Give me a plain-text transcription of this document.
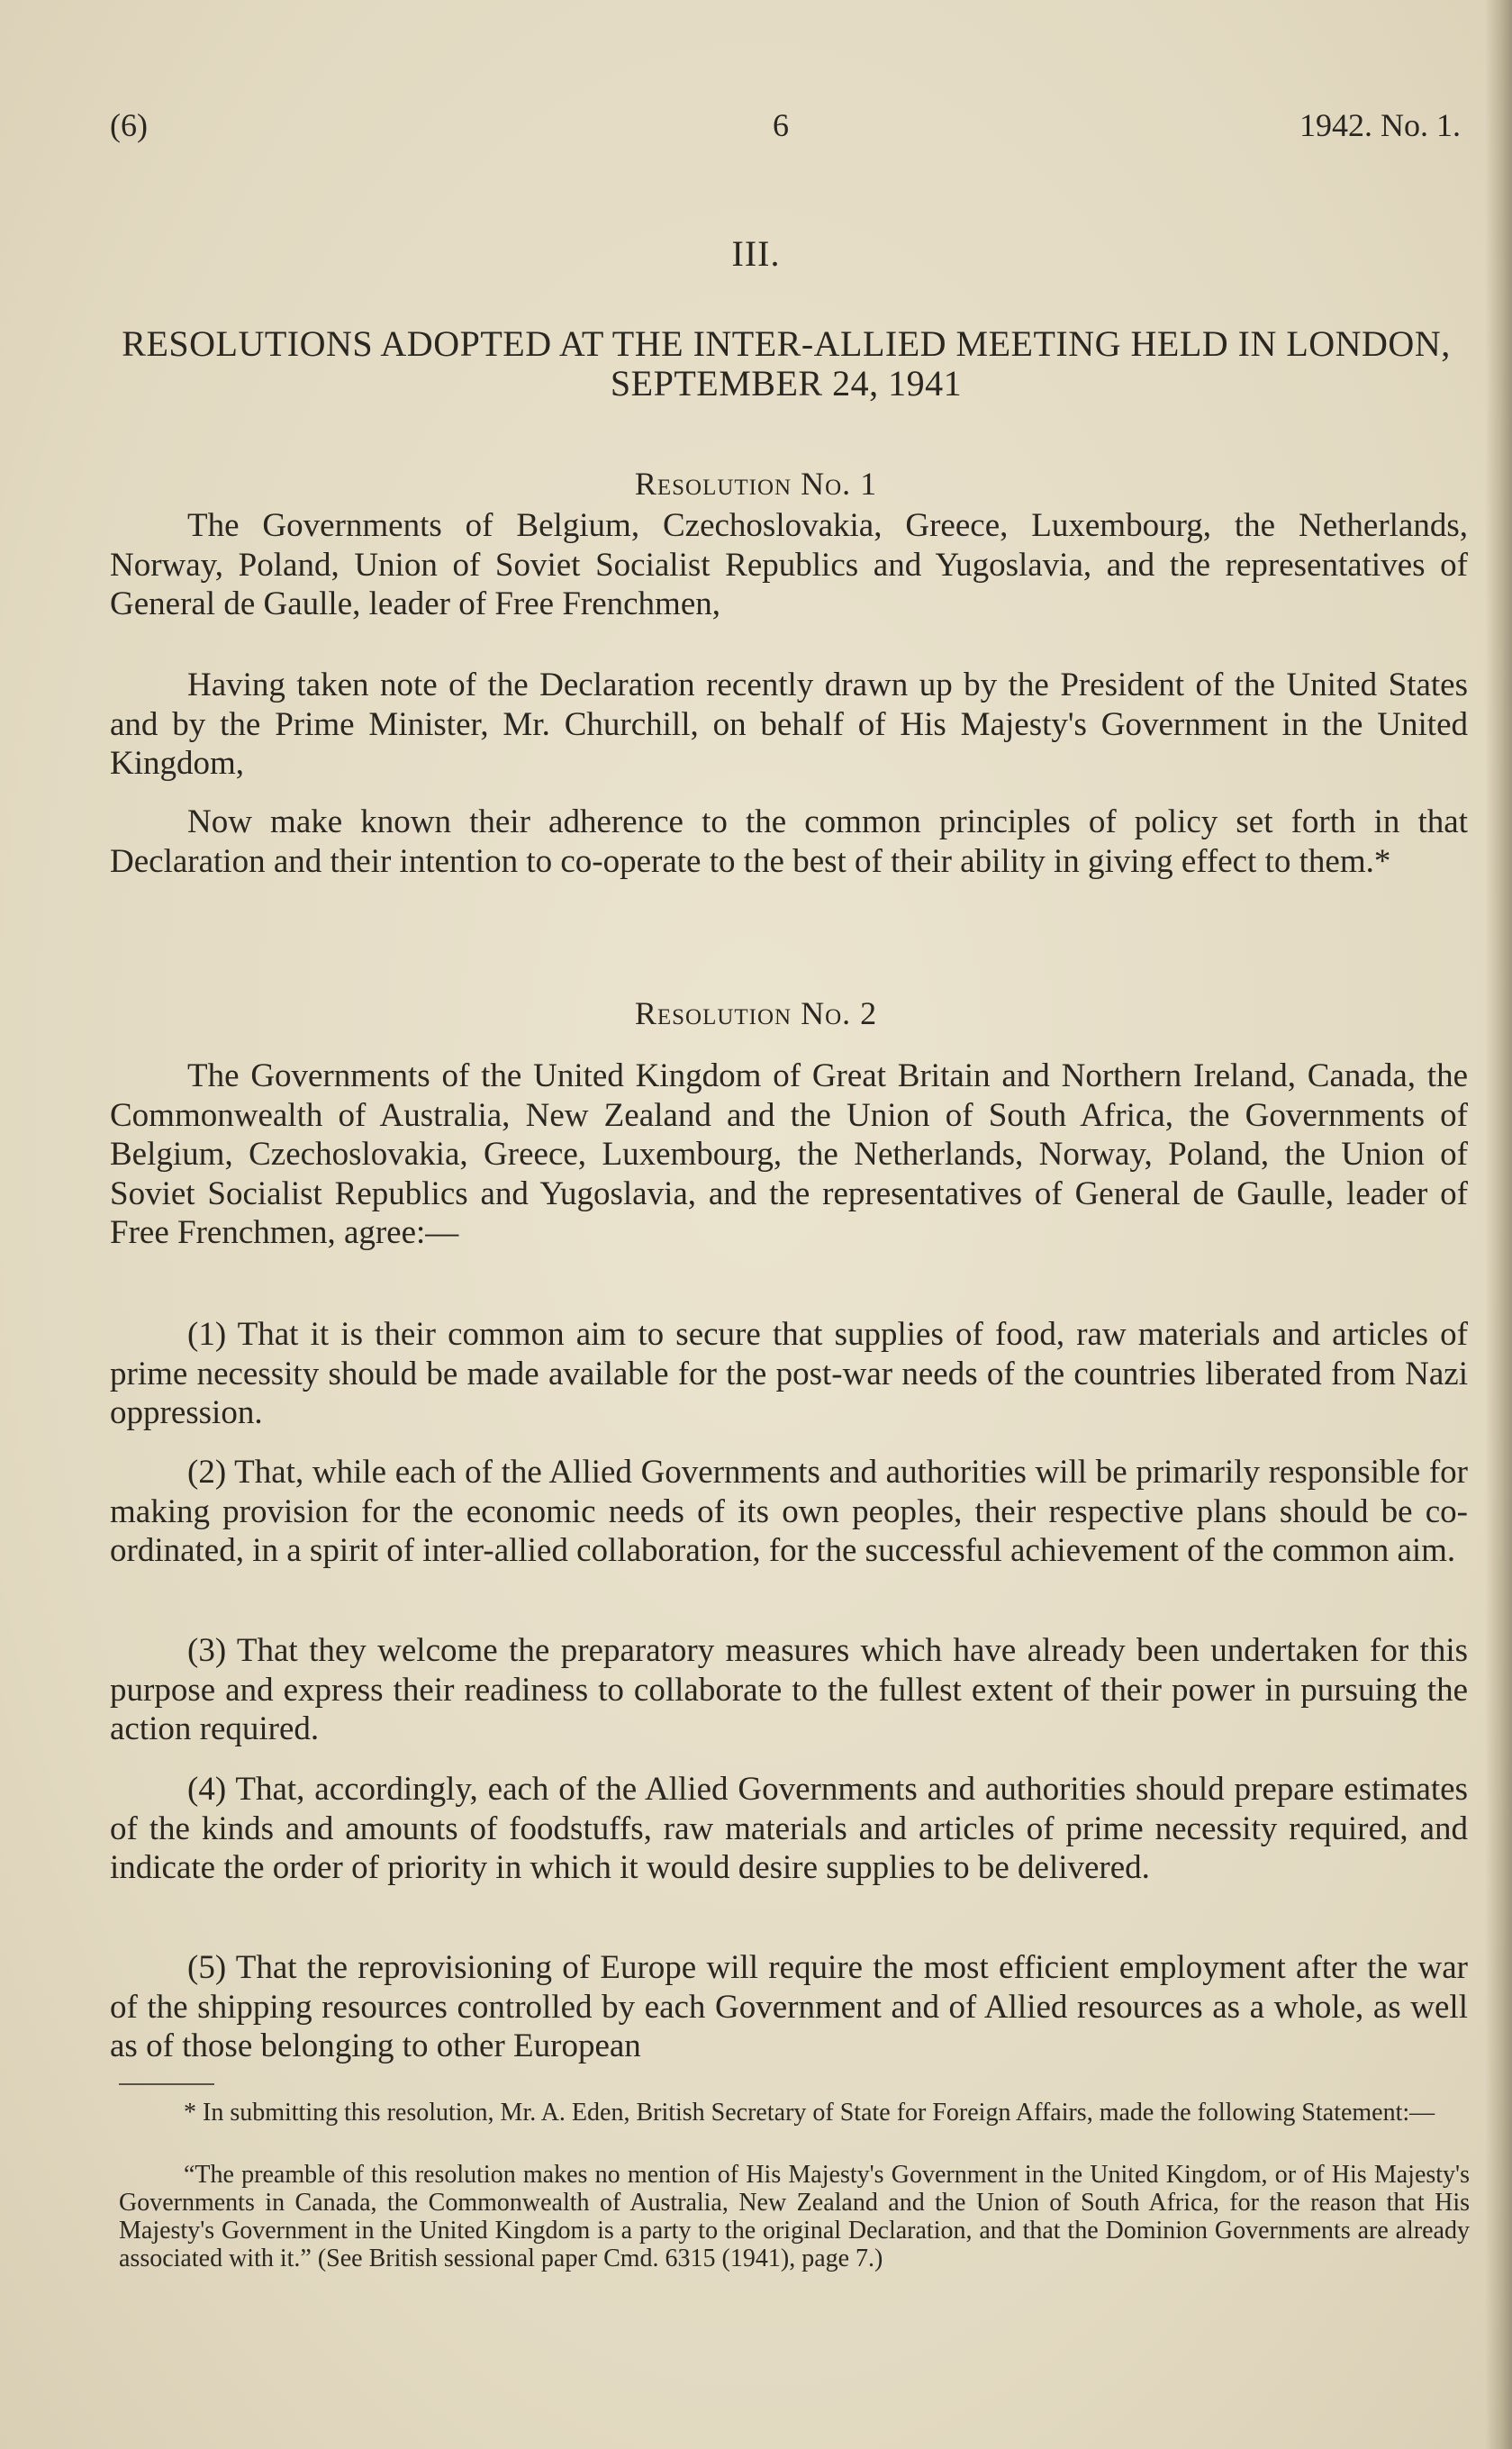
(6)	6	1942. No. 1.
III.
RESOLUTIONS ADOPTED AT THE INTER-ALLIED MEETING HELD IN LONDON, SEPTEMBER 24, 1941
Resolution No. 1

The Governments of Belgium, Czechoslovakia, Greece, Luxembourg, the Netherlands, Norway, Poland, Union of Soviet Socialist Republics and Yugoslavia, and the representatives of General de Gaulle, leader of Free Frenchmen,

Having taken note of the Declaration recently drawn up by the President of the United States and by the Prime Minister, Mr. Churchill, on behalf of His Majesty's Government in the United Kingdom,

Now make known their adherence to the common principles of policy set forth in that Declaration and their intention to co-operate to the best of their ability in giving effect to them.*

Resolution No. 2

The Governments of the United Kingdom of Great Britain and Northern Ireland, Canada, the Commonwealth of Australia, New Zealand and the Union of South Africa, the Governments of Belgium, Czechoslovakia, Greece, Luxembourg, the Netherlands, Norway, Poland, the Union of Soviet Socialist Republics and Yugoslavia, and the representatives of General de Gaulle, leader of Free Frenchmen, agree:—

(1) That it is their common aim to secure that supplies of food, raw materials and articles of prime necessity should be made available for the post-war needs of the countries liberated from Nazi oppression.

(2) That, while each of the Allied Governments and authorities will be primarily responsible for making provision for the economic needs of its own peoples, their respective plans should be co-ordinated, in a spirit of inter-allied collaboration, for the successful achievement of the common aim.

(3) That they welcome the preparatory measures which have already been undertaken for this purpose and express their readiness to collaborate to the fullest extent of their power in pursuing the action required.

(4) That, accordingly, each of the Allied Governments and authorities should prepare estimates of the kinds and amounts of foodstuffs, raw materials and articles of prime necessity required, and indicate the order of priority in which it would desire supplies to be delivered.

(5) That the reprovisioning of Europe will require the most efficient employment after the war of the shipping resources controlled by each Government and of Allied resources as a whole, as well as of those belonging to other European

* In submitting this resolution, Mr. A. Eden, British Secretary of State for Foreign Affairs, made the following Statement:—

“The preamble of this resolution makes no mention of His Majesty's Government in the United Kingdom, or of His Majesty's Governments in Canada, the Commonwealth of Australia, New Zealand and the Union of South Africa, for the reason that His Majesty's Government in the United Kingdom is a party to the original Declaration, and that the Dominion Governments are already associated with it.” (See British sessional paper Cmd. 6315 (1941), page 7.)
